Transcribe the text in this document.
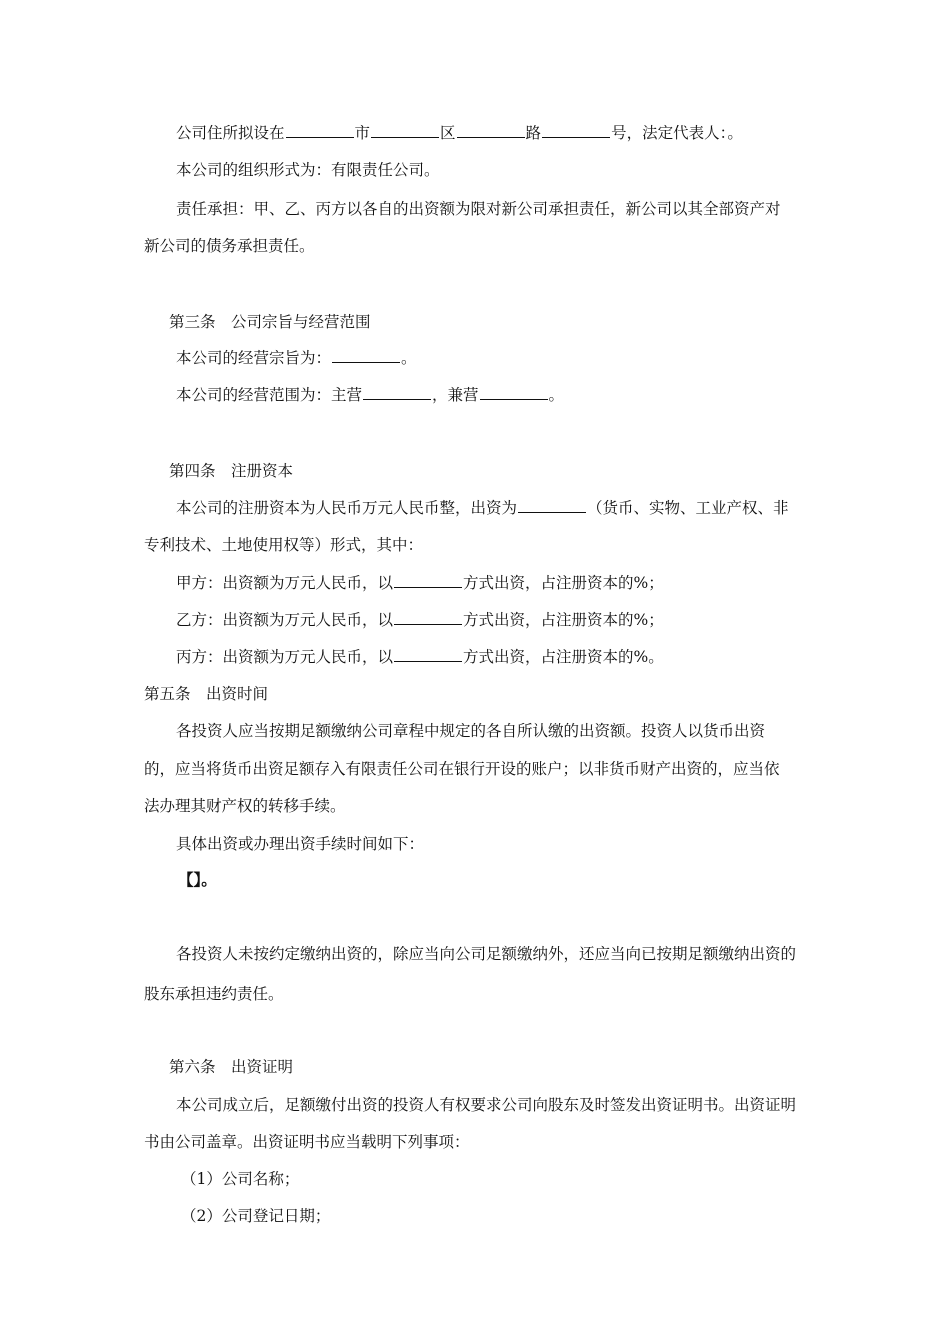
公司住所拟设在	市	区	路	号，法定代表人：。
本公司的组织形式为：有限责任公司。
责任承担：甲、乙、丙方以各自的出资额为限对新公司承担责任，新公司以其全部资产对
新公司的债务承担责任。
第三条　公司宗旨与经营范围
本公司的经营宗旨为：	。
本公司的经营范围为：主营	，兼营	。
第四条　注册资本
本公司的注册资本为人民币万元人民币整，出资为	（货币、实物、工业产权、非
专利技术、土地使用权等）形式，其中：
甲方：出资额为万元人民币，以	方式出资，占注册资本的%；
乙方：出资额为万元人民币，以	方式出资，占注册资本的%；
丙方：出资额为万元人民币，以	方式出资，占注册资本的%。
第五条　出资时间
各投资人应当按期足额缴纳公司章程中规定的各自所认缴的出资额。投资人以货币出资
的，应当将货币出资足额存入有限责任公司在银行开设的账户；以非货币财产出资的，应当依
法办理其财产权的转移手续。
具体出资或办理出资手续时间如下：
【】。
各投资人未按约定缴纳出资的，除应当向公司足额缴纳外，还应当向已按期足额缴纳出资的
股东承担违约责任。
第六条　出资证明
本公司成立后，足额缴付出资的投资人有权要求公司向股东及时签发出资证明书。出资证明
书由公司盖章。出资证明书应当载明下列事项：
（1）公司名称；
（2）公司登记日期；
